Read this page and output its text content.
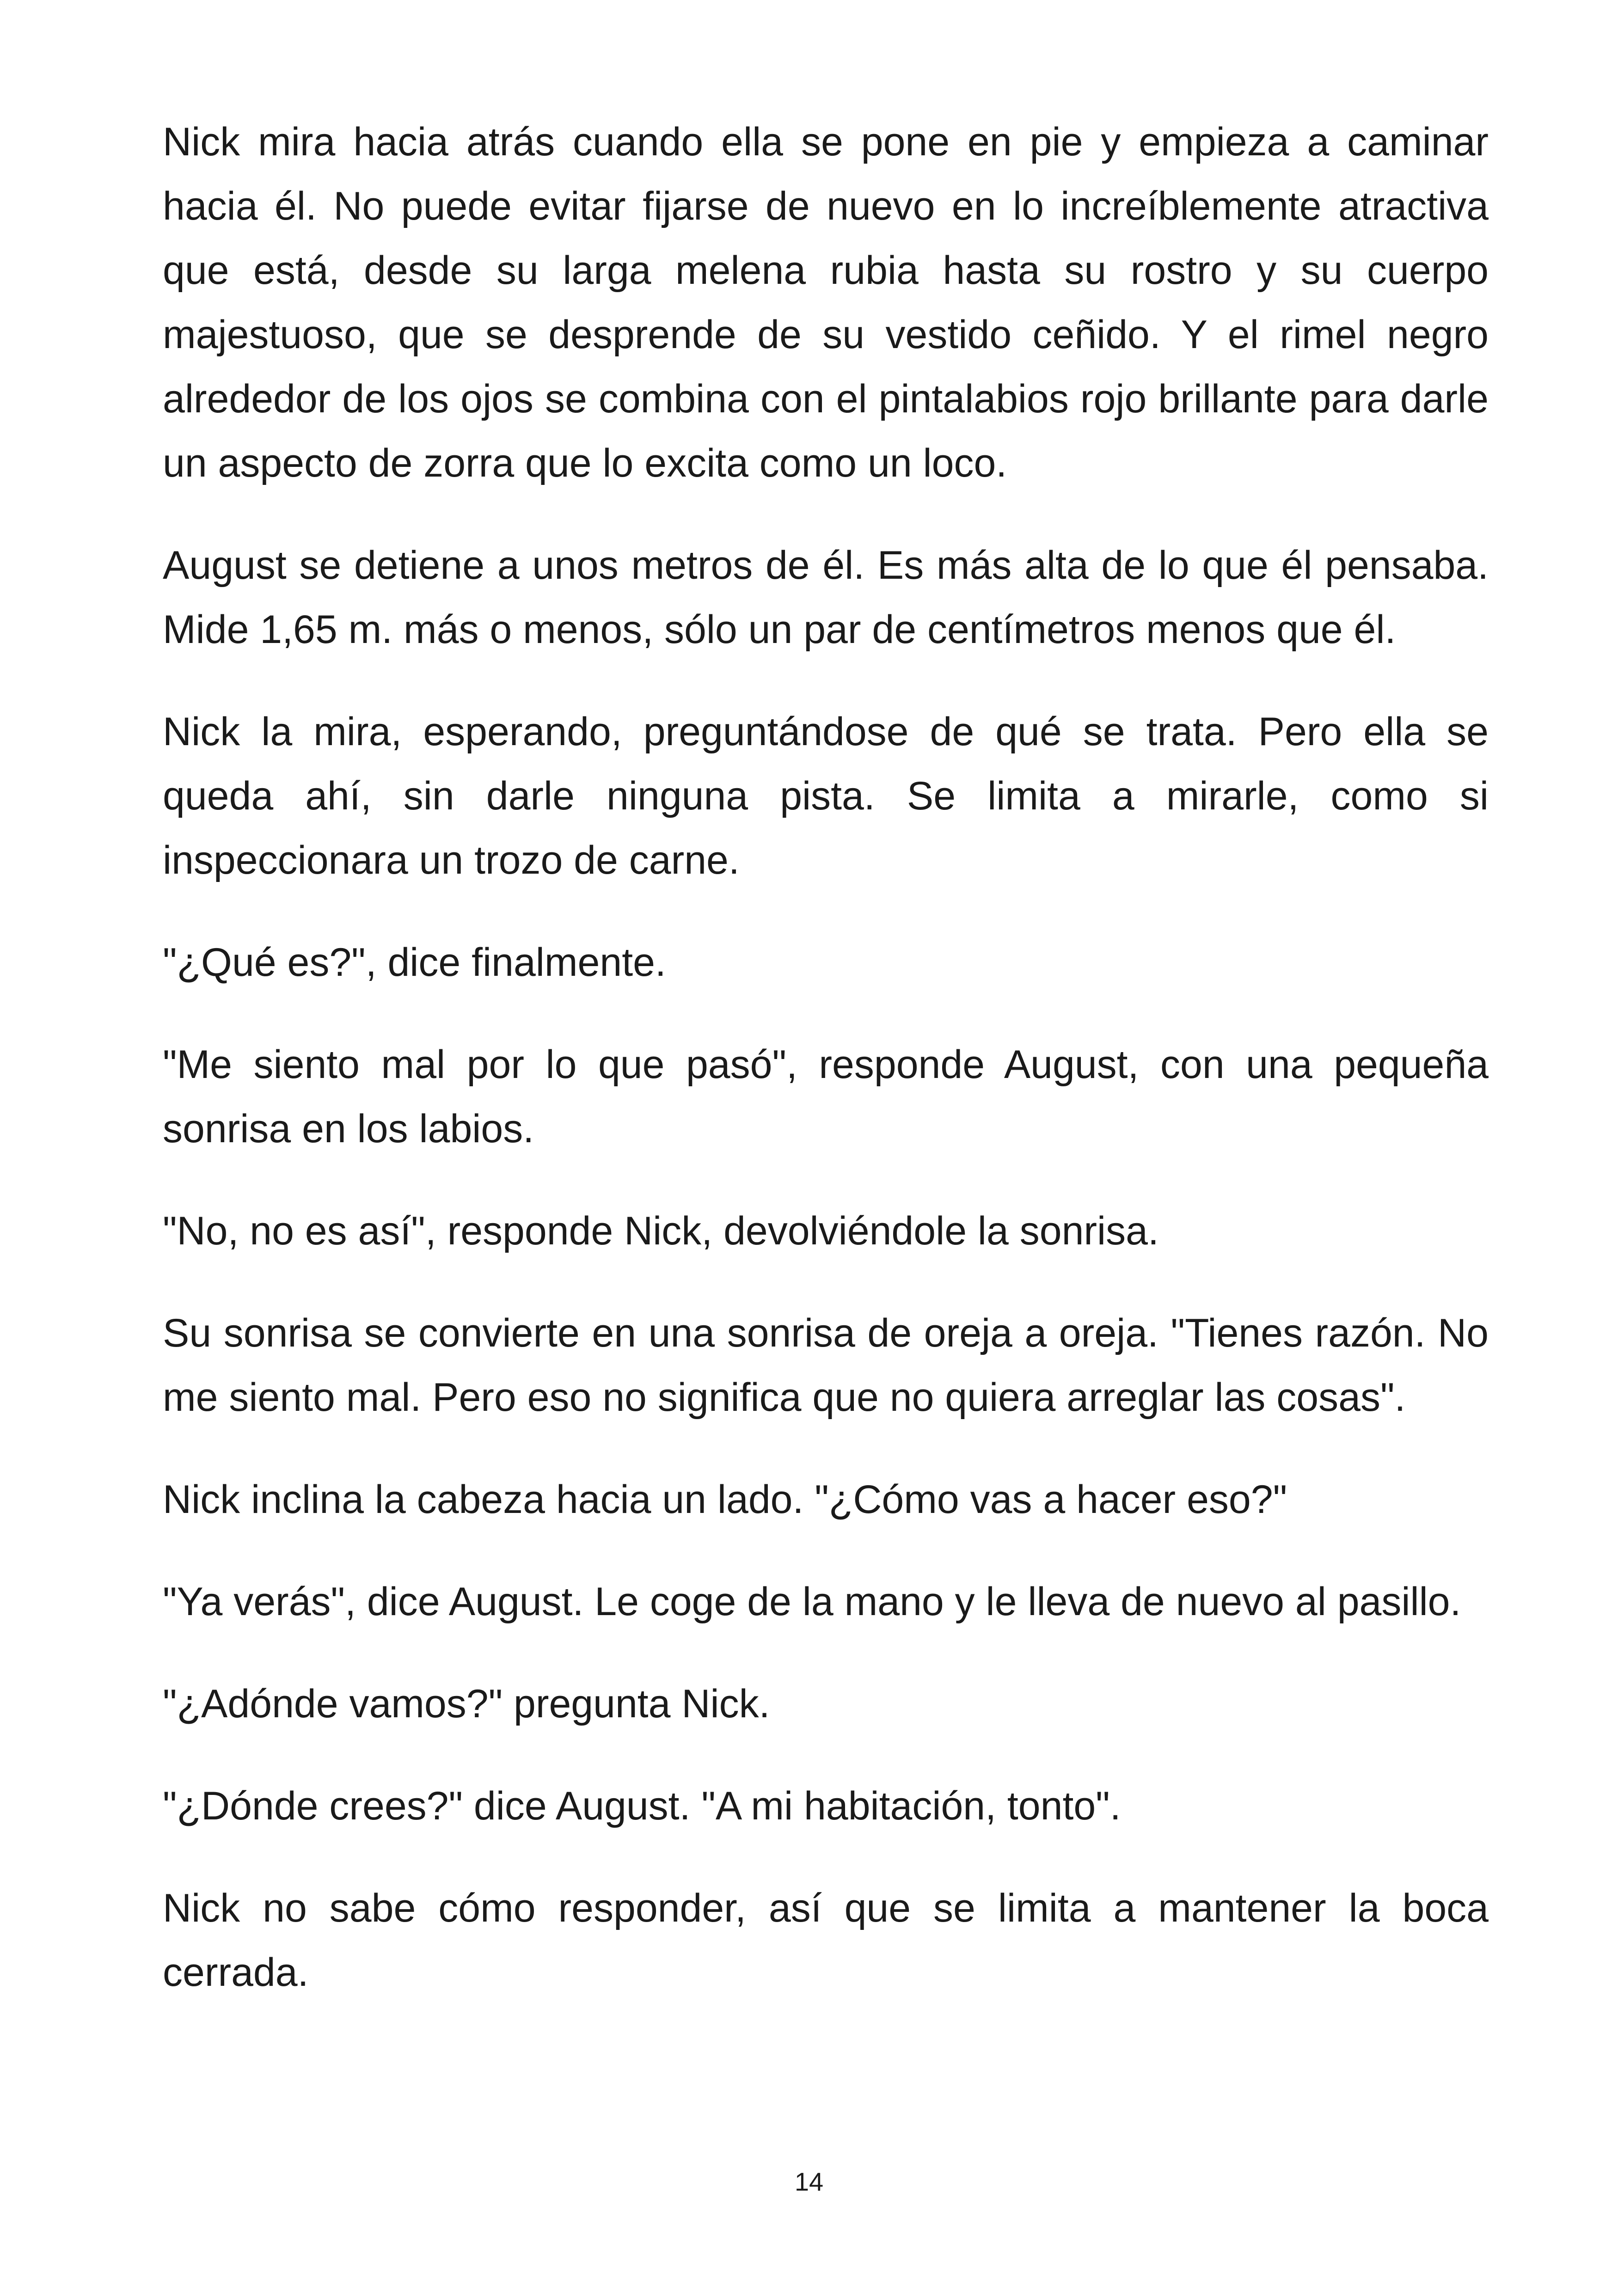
Nick mira hacia atrás cuando ella se pone en pie y empieza a caminar hacia él. No puede evitar fijarse de nuevo en lo increíblemente atractiva que está, desde su larga melena rubia hasta su rostro y su cuerpo majestuoso, que se desprende de su vestido ceñido. Y el rimel negro alrededor de los ojos se combina con el pintalabios rojo brillante para darle un aspecto de zorra que lo excita como un loco.

August se detiene a unos metros de él. Es más alta de lo que él pensaba. Mide 1,65 m. más o menos, sólo un par de centímetros menos que él.

Nick la mira, esperando, preguntándose de qué se trata. Pero ella se queda ahí, sin darle ninguna pista. Se limita a mirarle, como si inspeccionara un trozo de carne.

"¿Qué es?", dice finalmente.

"Me siento mal por lo que pasó", responde August, con una pequeña sonrisa en los labios.

"No, no es así", responde Nick, devolviéndole la sonrisa.

Su sonrisa se convierte en una sonrisa de oreja a oreja. "Tienes razón. No me siento mal. Pero eso no significa que no quiera arreglar las cosas".

Nick inclina la cabeza hacia un lado. "¿Cómo vas a hacer eso?"

"Ya verás", dice August. Le coge de la mano y le lleva de nuevo al pasillo.

"¿Adónde vamos?" pregunta Nick.

"¿Dónde crees?" dice August. "A mi habitación, tonto".

Nick no sabe cómo responder, así que se limita a mantener la boca cerrada.

14
